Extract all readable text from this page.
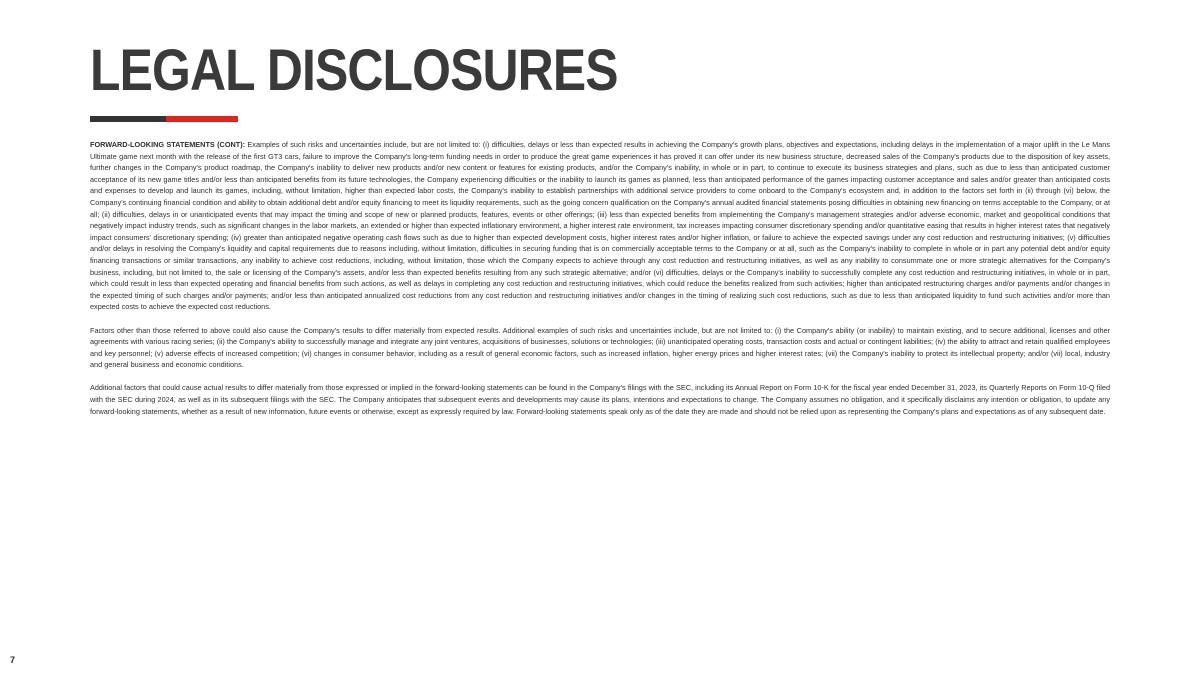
LEGAL DISCLOSURES

FORWARD-LOOKING STATEMENTS (CONT): Examples of such risks and uncertainties include, but are not limited to: (i) difficulties, delays or less than expected results in achieving the Company's growth plans, objectives and expectations, including delays in the implementation of a major uplift in the Le Mans Ultimate game next month with the release of the first GT3 cars, failure to improve the Company's long-term funding needs in order to produce the great game experiences it has proved it can offer under its new business structure, decreased sales of the Company's products due to the disposition of key assets, further changes in the Company's product roadmap, the Company's inability to deliver new products and/or new content or features for existing products, and/or the Company's inability, in whole or in part, to continue to execute its business strategies and plans, such as due to less than anticipated customer acceptance of its new game titles and/or less than anticipated benefits from its future technologies, the Company experiencing difficulties or the inability to launch its games as planned, less than anticipated performance of the games impacting customer acceptance and sales and/or greater than anticipated costs and expenses to develop and launch its games, including, without limitation, higher than expected labor costs, the Company's inability to establish partnerships with additional service providers to come onboard to the Company's ecosystem and, in addition to the factors set forth in (ii) through (vi) below, the Company's continuing financial condition and ability to obtain additional debt and/or equity financing to meet its liquidity requirements, such as the going concern qualification on the Company's annual audited financial statements posing difficulties in obtaining new financing on terms acceptable to the Company, or at all; (ii) difficulties, delays in or unanticipated events that may impact the timing and scope of new or planned products, features, events or other offerings; (iii) less than expected benefits from implementing the Company's management strategies and/or adverse economic, market and geopolitical conditions that negatively impact industry trends, such as significant changes in the labor markets, an extended or higher than expected inflationary environment, a higher interest rate environment, tax increases impacting consumer discretionary spending and/or quantitative easing that results in higher interest rates that negatively impact consumers' discretionary spending; (iv) greater than anticipated negative operating cash flows such as due to higher than expected development costs, higher interest rates and/or higher inflation, or failure to achieve the expected savings under any cost reduction and restructuring initiatives; (v) difficulties and/or delays in resolving the Company's liquidity and capital requirements due to reasons including, without limitation, difficulties in securing funding that is on commercially acceptable terms to the Company or at all, such as the Company's inability to complete in whole or in part any potential debt and/or equity financing transactions or similar transactions, any inability to achieve cost reductions, including, without limitation, those which the Company expects to achieve through any cost reduction and restructuring initiatives, as well as any inability to consummate one or more strategic alternatives for the Company's business, including, but not limited to, the sale or licensing of the Company's assets, and/or less than expected benefits resulting from any such strategic alternative; and/or (vi) difficulties, delays or the Company's inability to successfully complete any cost reduction and restructuring initiatives, in whole or in part, which could result in less than expected operating and financial benefits from such actions, as well as delays in completing any cost reduction and restructuring initiatives, which could reduce the benefits realized from such activities; higher than anticipated restructuring charges and/or payments and/or changes in the expected timing of such charges and/or payments; and/or less than anticipated annualized cost reductions from any cost reduction and restructuring initiatives and/or changes in the timing of realizing such cost reductions, such as due to less than anticipated liquidity to fund such activities and/or more than expected costs to achieve the expected cost reductions.

Factors other than those referred to above could also cause the Company's results to differ materially from expected results. Additional examples of such risks and uncertainties include, but are not limited to: (i) the Company's ability (or inability) to maintain existing, and to secure additional, licenses and other agreements with various racing series; (ii) the Company's ability to successfully manage and integrate any joint ventures, acquisitions of businesses, solutions or technologies; (iii) unanticipated operating costs, transaction costs and actual or contingent liabilities; (iv) the ability to attract and retain qualified employees and key personnel; (v) adverse effects of increased competition; (vi) changes in consumer behavior, including as a result of general economic factors, such as increased inflation, higher energy prices and higher interest rates; (vii) the Company's inability to protect its intellectual property; and/or (vii) local, industry and general business and economic conditions.

Additional factors that could cause actual results to differ materially from those expressed or implied in the forward-looking statements can be found in the Company's filings with the SEC, including its Annual Report on Form 10-K for the fiscal year ended December 31, 2023, its Quarterly Reports on Form 10-Q filed with the SEC during 2024, as well as in its subsequent filings with the SEC. The Company anticipates that subsequent events and developments may cause its plans, intentions and expectations to change. The Company assumes no obligation, and it specifically disclaims any intention or obligation, to update any forward-looking statements, whether as a result of new information, future events or otherwise, except as expressly required by law. Forward-looking statements speak only as of the date they are made and should not be relied upon as representing the Company's plans and expectations as of any subsequent date.

7
